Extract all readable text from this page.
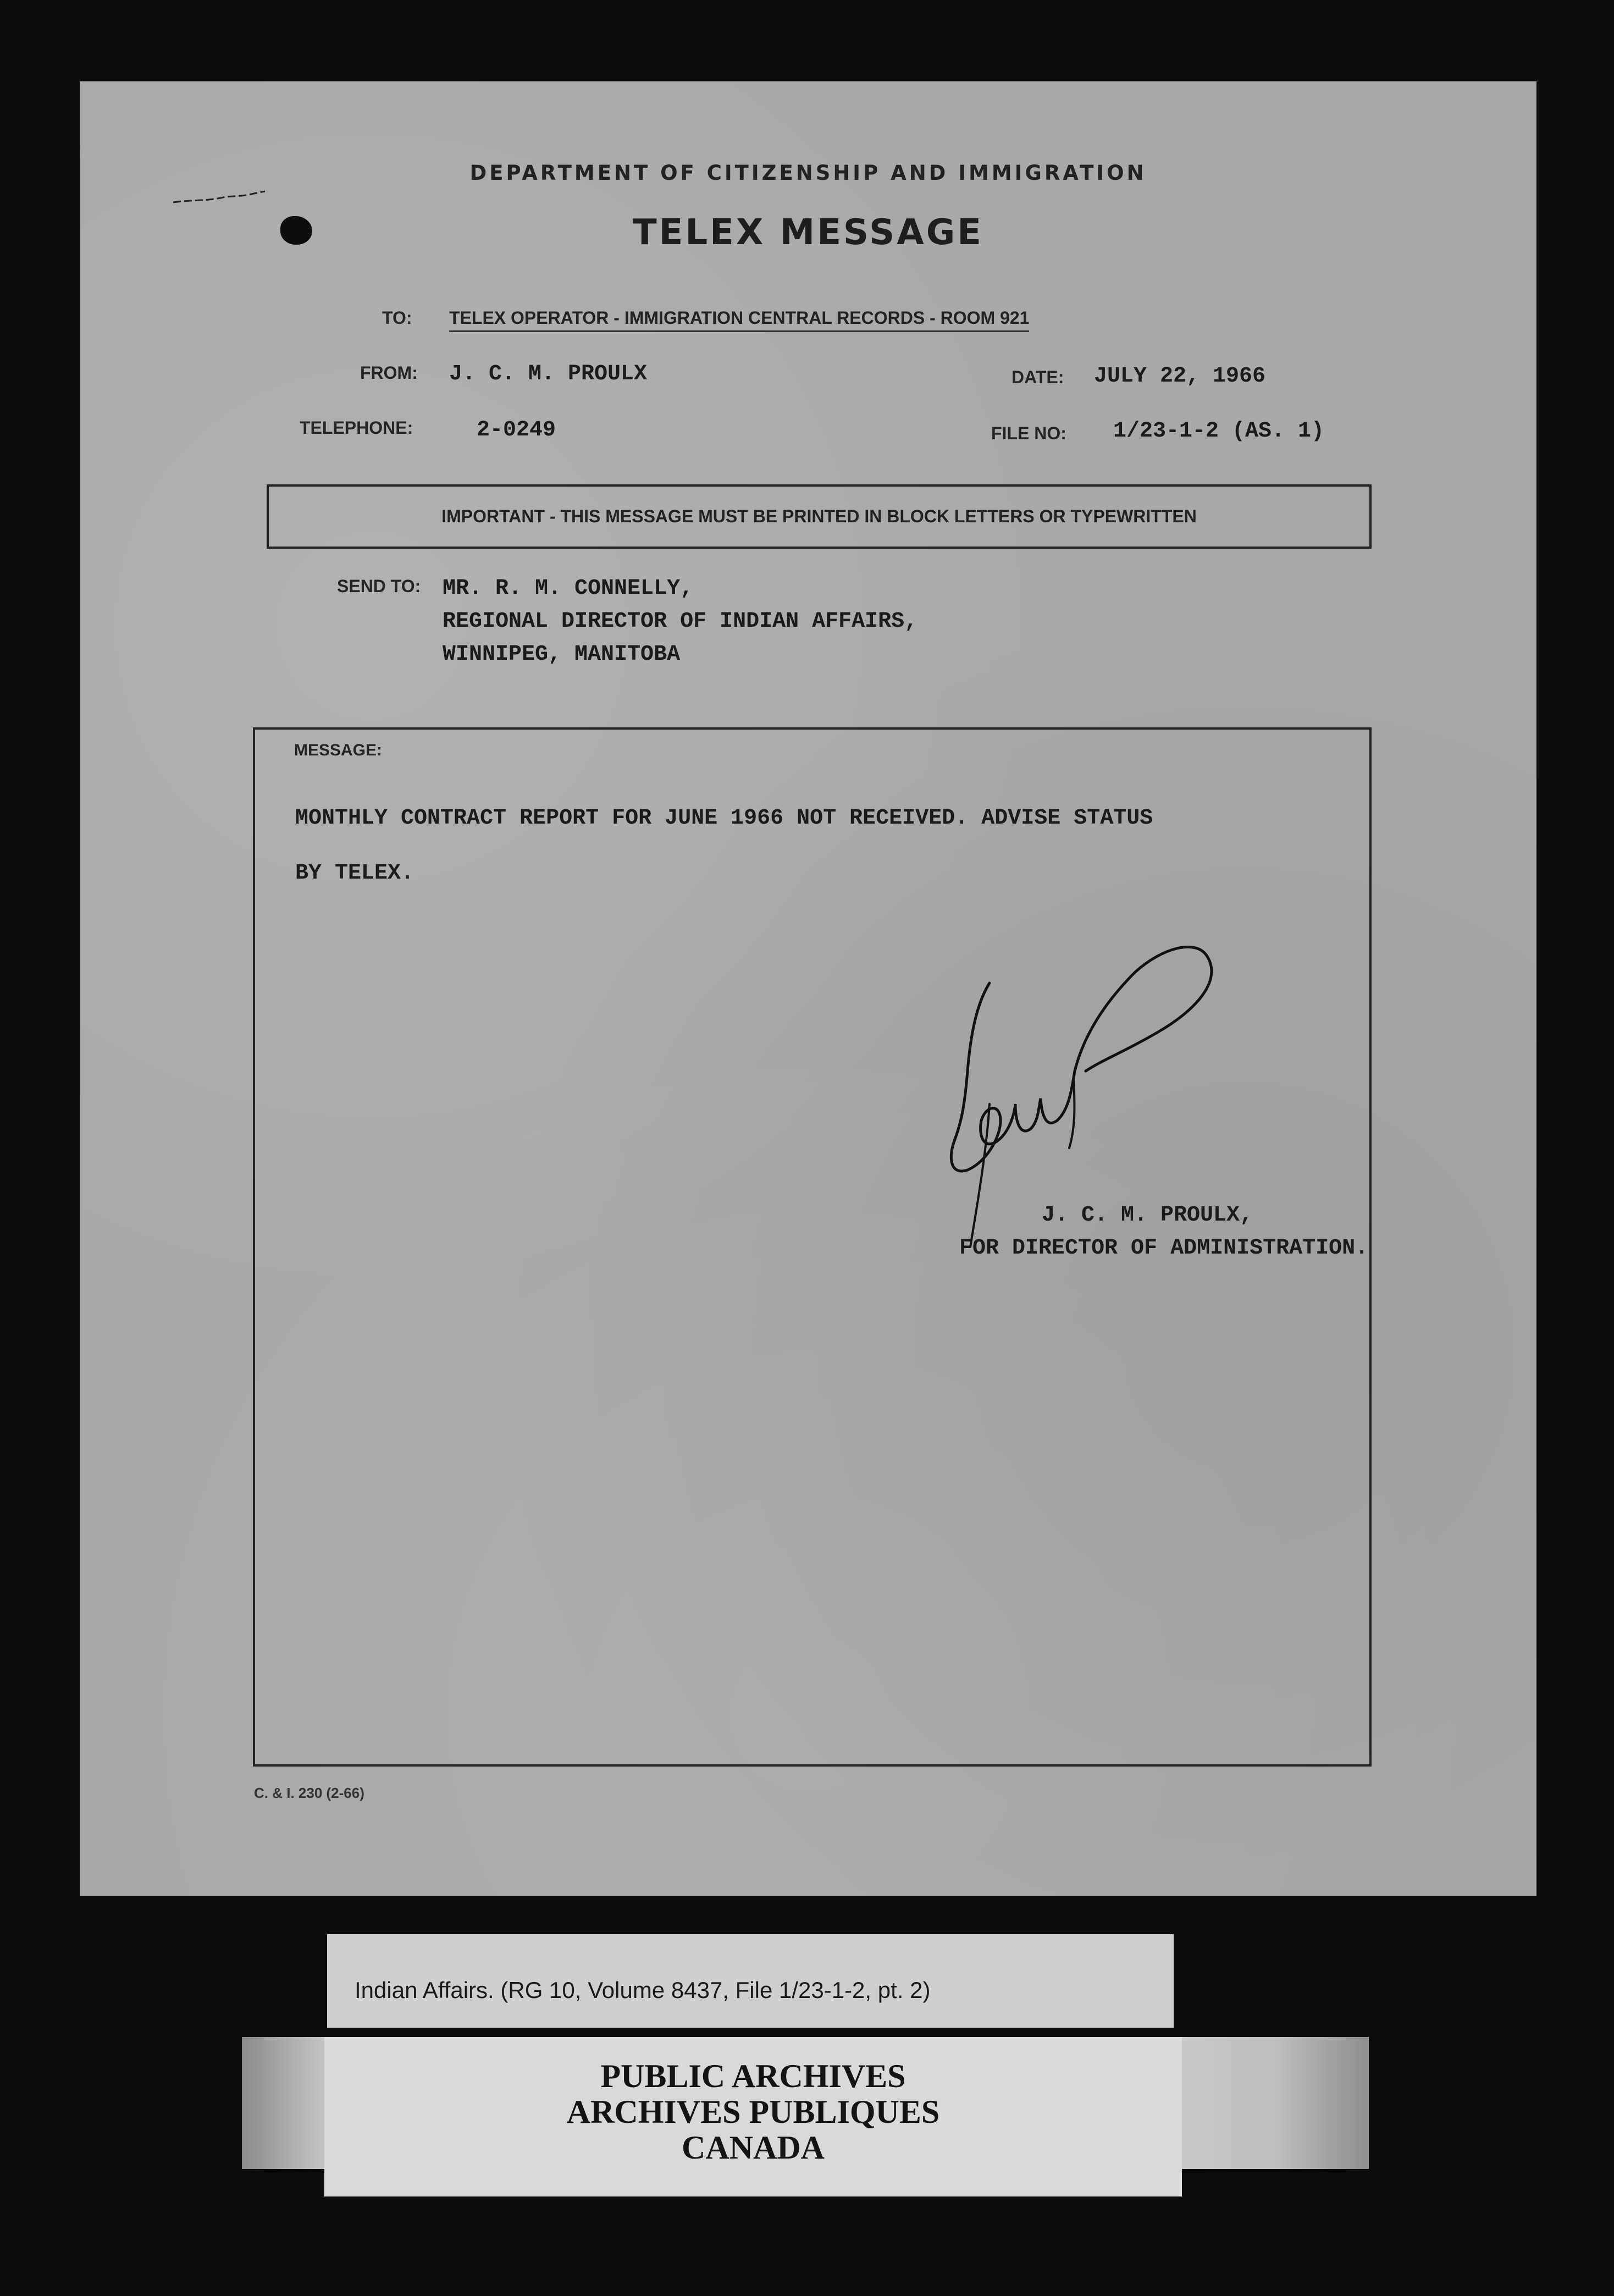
DEPARTMENT OF CITIZENSHIP AND IMMIGRATION
TELEX MESSAGE
TO: TELEX OPERATOR - IMMIGRATION CENTRAL RECORDS - ROOM 921
FROM: J. C. M. PROULX	DATE: JULY 22, 1966
TELEPHONE:	2-0249	FILE NO: 1/23-1-2 (AS. 1)
IMPORTANT - THIS MESSAGE MUST BE PRINTED IN BLOCK LETTERS OR TYPEWRITTEN
SEND TO: MR. R. M. CONNELLY,
REGIONAL DIRECTOR OF INDIAN AFFAIRS,
WINNIPEG, MANITOBA
MESSAGE:
MONTHLY CONTRACT REPORT FOR JUNE 1966 NOT RECEIVED. ADVISE STATUS
BY TELEX.
J. C. M. PROULX,
FOR DIRECTOR OF ADMINISTRATION.
C. & I. 230 (2-66)
Indian Affairs. (RG 10, Volume 8437, File 1/23-1-2, pt. 2)
PUBLIC ARCHIVES
ARCHIVES PUBLIQUES
CANADA
